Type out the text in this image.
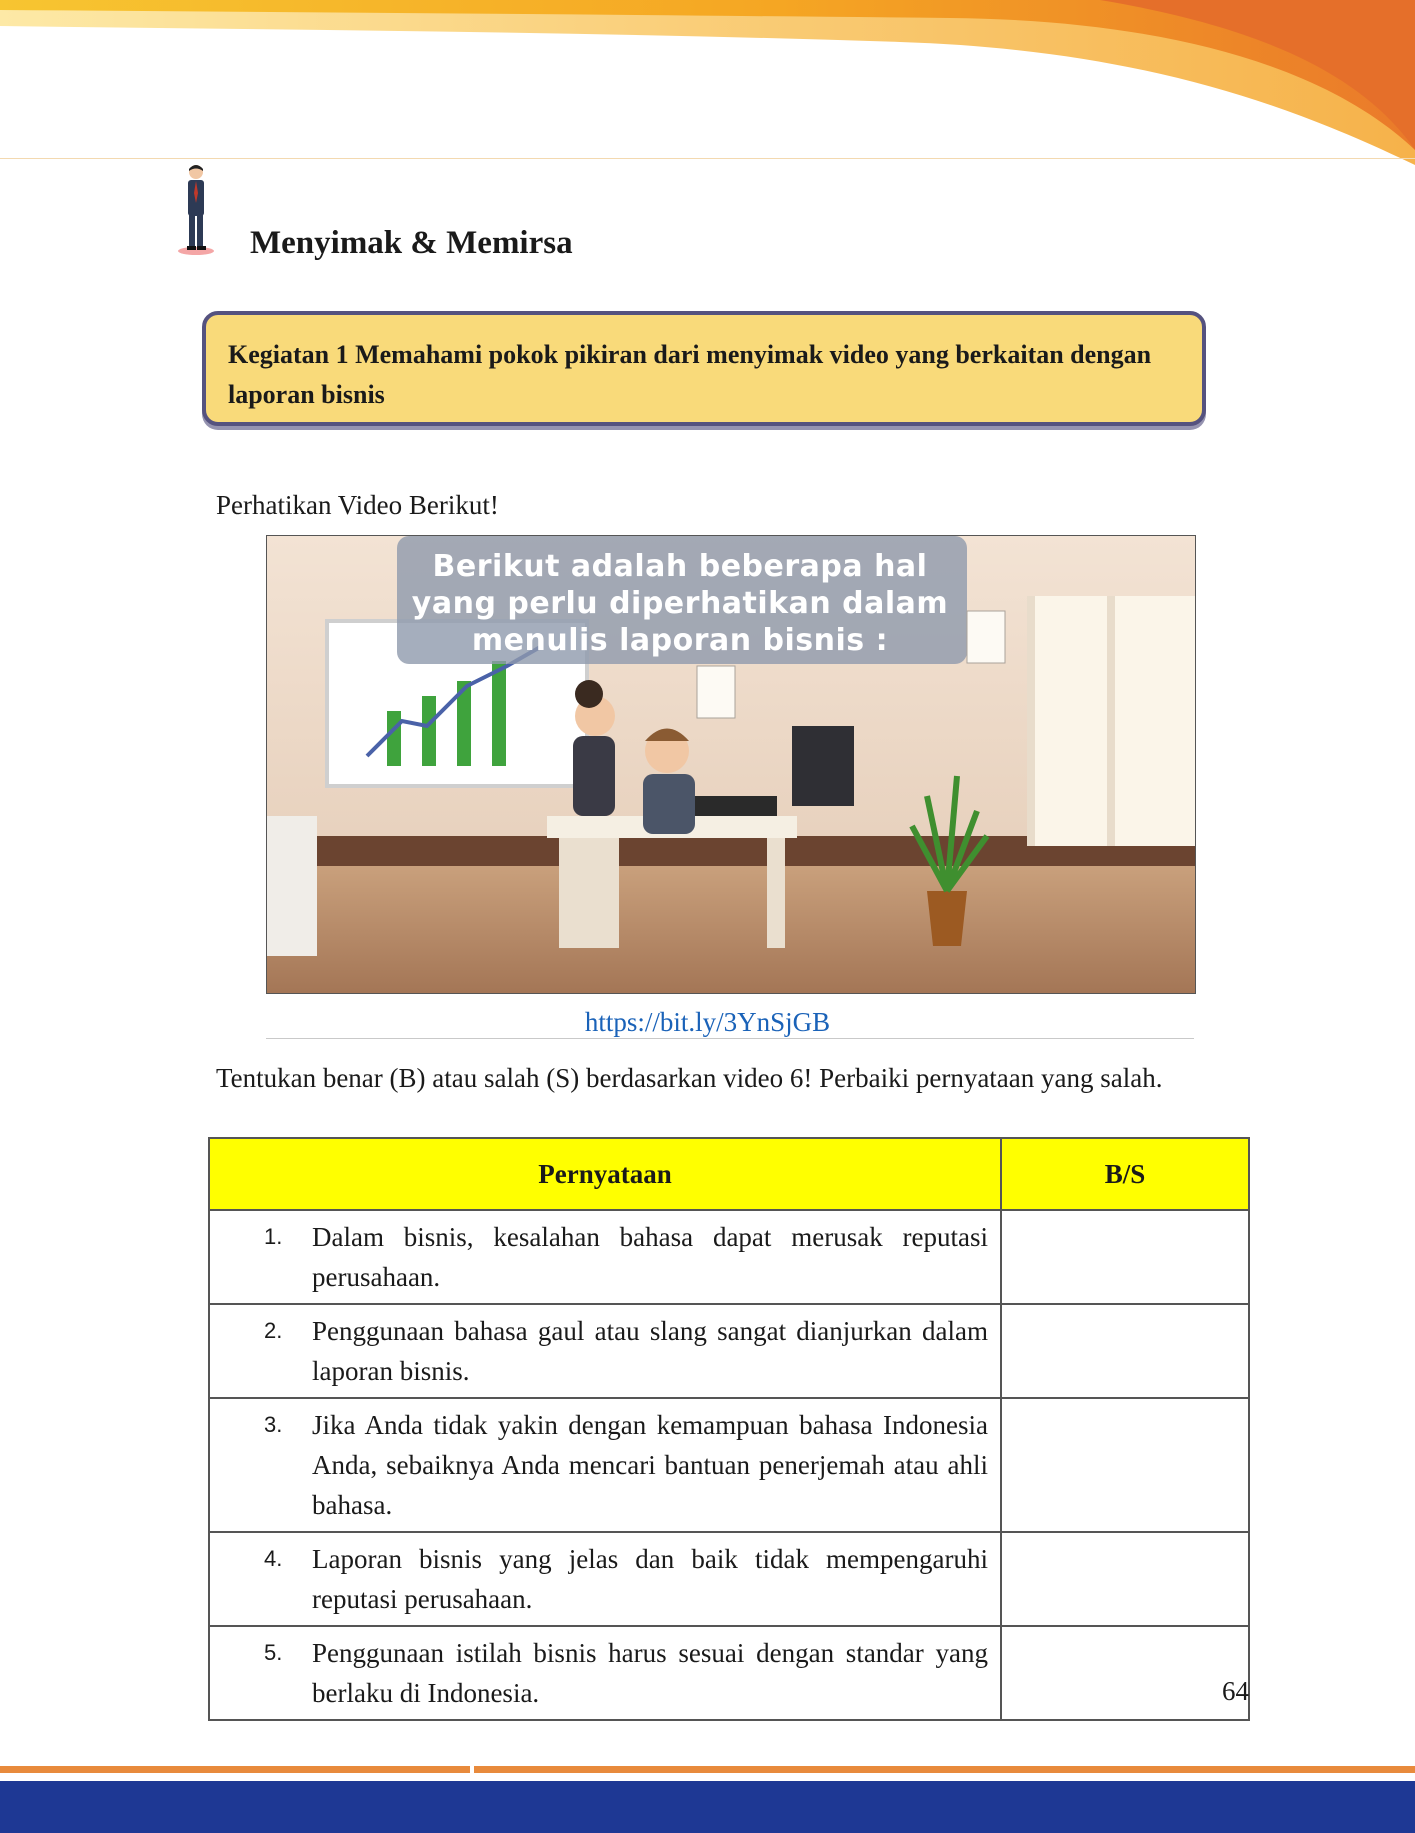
Menyimak & Memirsa

Kegiatan 1 Memahami pokok pikiran dari menyimak video yang berkaitan dengan laporan bisnis

Perhatikan Video Berikut!

Berikut adalah beberapa hal yang perlu diperhatikan dalam menulis laporan bisnis :
https://bit.ly/3YnSjGB

Tentukan benar (B) atau salah (S) berdasarkan video 6! Perbaiki pernyataan yang salah.

Pernyataan	B/S

1. Dalam bisnis, kesalahan bahasa dapat merusak reputasi perusahaan.	

2. Penggunaan bahasa gaul atau slang sangat dianjurkan dalam laporan bisnis.	

3. Jika Anda tidak yakin dengan kemampuan bahasa Indonesia Anda, sebaiknya Anda mencari bantuan penerjemah atau ahli bahasa.	

4. Laporan bisnis yang jelas dan baik tidak mempengaruhi reputasi perusahaan.	

5. Penggunaan istilah bisnis harus sesuai dengan standar yang berlaku di Indonesia.	
		64
